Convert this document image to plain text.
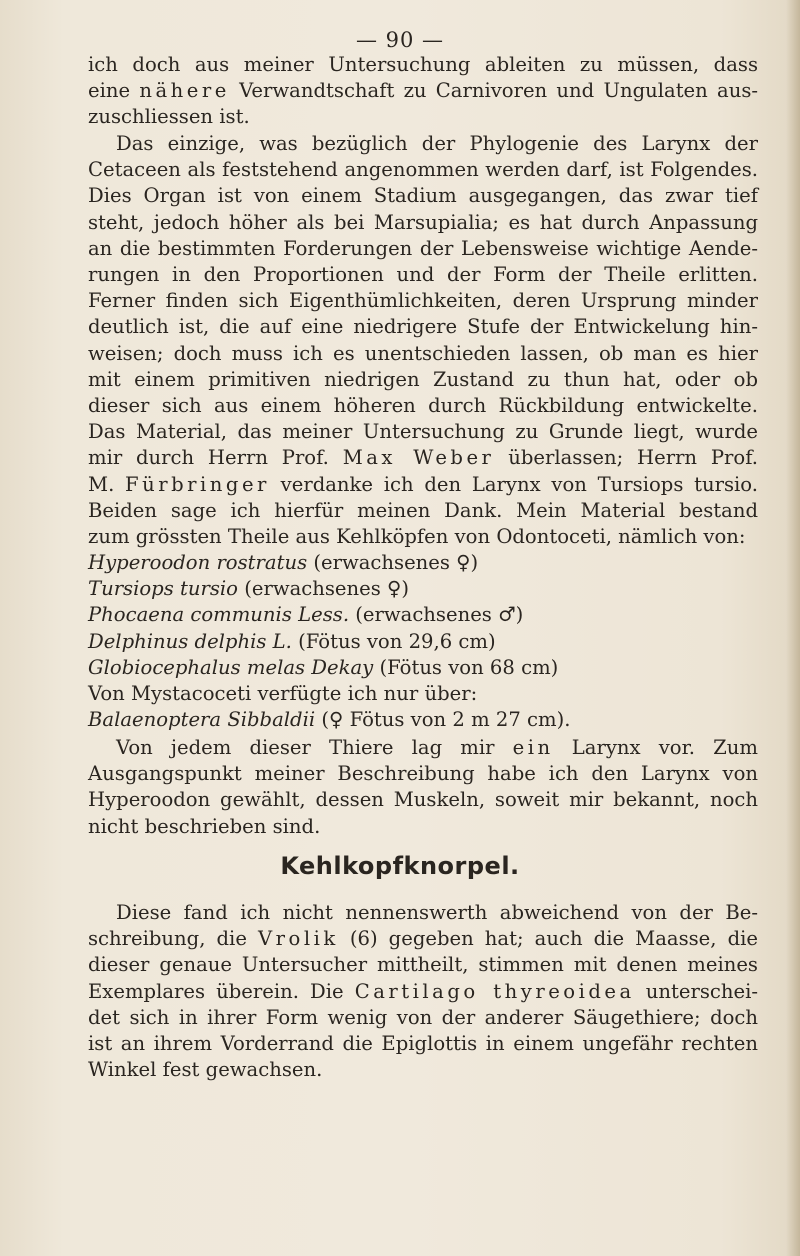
— 90 —
ich doch aus meiner Untersuchung ableiten zu müssen, dass
eine nähere Verwandtschaft zu Carnivoren und Ungulaten aus-
zuschliessen ist.
Das einzige, was bezüglich der Phylogenie des Larynx der
Cetaceen als feststehend angenommen werden darf, ist Folgendes.
Dies Organ ist von einem Stadium ausgegangen, das zwar tief
steht, jedoch höher als bei Marsupialia; es hat durch Anpassung
an die bestimmten Forderungen der Lebensweise wichtige Aende-
rungen in den Proportionen und der Form der Theile erlitten.
Ferner finden sich Eigenthümlichkeiten, deren Ursprung minder
deutlich ist, die auf eine niedrigere Stufe der Entwickelung hin-
weisen; doch muss ich es unentschieden lassen, ob man es hier
mit einem primitiven niedrigen Zustand zu thun hat, oder ob
dieser sich aus einem höheren durch Rückbildung entwickelte.
Das Material, das meiner Untersuchung zu Grunde liegt, wurde
mir durch Herrn Prof. Max Weber überlassen; Herrn Prof.
M. Fürbringer verdanke ich den Larynx von Tursiops tursio.
Beiden sage ich hierfür meinen Dank. Mein Material bestand
zum grössten Theile aus Kehlköpfen von Odontoceti, nämlich von:
Hyperoodon rostratus (erwachsenes ♀)
Tursiops tursio (erwachsenes ♀)
Phocaena communis Less. (erwachsenes ♂)
Delphinus delphis L. (Fötus von 29,6 cm)
Globiocephalus melas Dekay (Fötus von 68 cm)
Von Mystacoceti verfügte ich nur über:
Balaenoptera Sibbaldii (♀ Fötus von 2 m 27 cm).
Von jedem dieser Thiere lag mir ein Larynx vor. Zum
Ausgangspunkt meiner Beschreibung habe ich den Larynx von
Hyperoodon gewählt, dessen Muskeln, soweit mir bekannt, noch
nicht beschrieben sind.
Kehlkopfknorpel.
Diese fand ich nicht nennenswerth abweichend von der Be-
schreibung, die Vrolik (6) gegeben hat; auch die Maasse, die
dieser genaue Untersucher mittheilt, stimmen mit denen meines
Exemplares überein. Die Cartilago thyreoidea unterschei-
det sich in ihrer Form wenig von der anderer Säugethiere; doch
ist an ihrem Vorderrand die Epiglottis in einem ungefähr rechten
Winkel fest gewachsen.
